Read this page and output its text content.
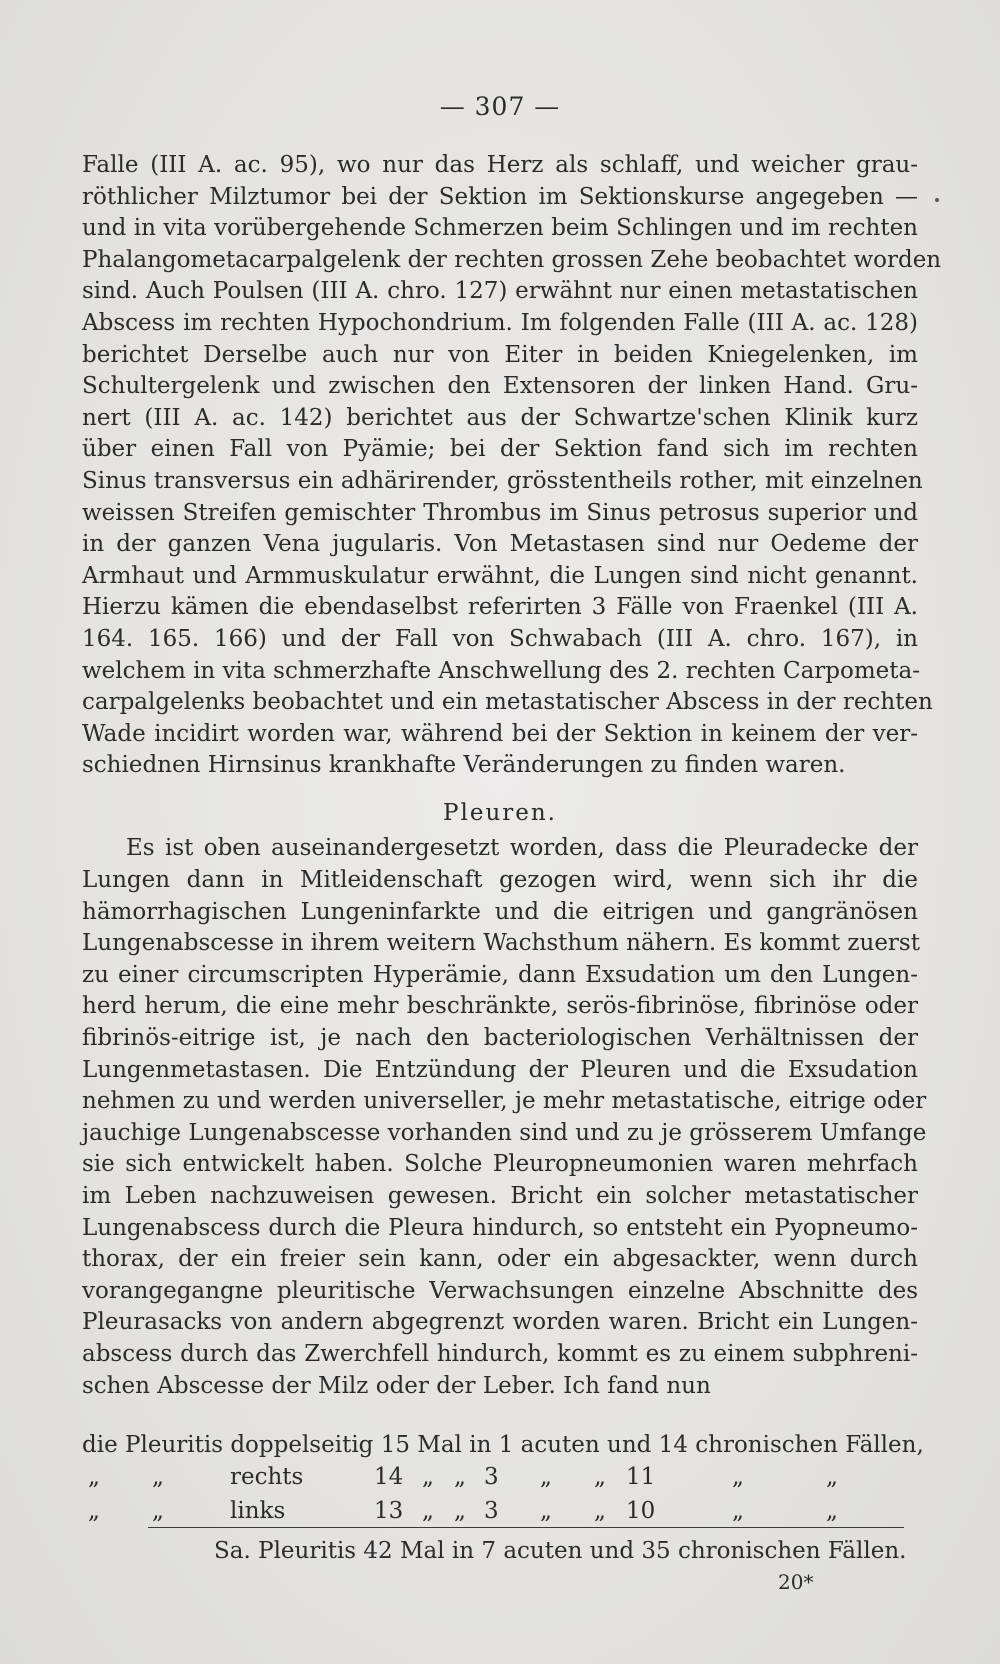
— 307 —
Falle (III A. ac. 95), wo nur das Herz als schlaff, und weicher grau-
röthlicher Milztumor bei der Sektion im Sektionskurse angegeben —
und in vita vorübergehende Schmerzen beim Schlingen und im rechten
Phalangometacarpalgelenk der rechten grossen Zehe beobachtet worden
sind. Auch Poulsen (III A. chro. 127) erwähnt nur einen metastatischen
Abscess im rechten Hypochondrium. Im folgenden Falle (III A. ac. 128)
berichtet Derselbe auch nur von Eiter in beiden Kniegelenken, im
Schultergelenk und zwischen den Extensoren der linken Hand. Gru-
nert (III A. ac. 142) berichtet aus der Schwartze'schen Klinik kurz
über einen Fall von Pyämie; bei der Sektion fand sich im rechten
Sinus transversus ein adhärirender, grösstentheils rother, mit einzelnen
weissen Streifen gemischter Thrombus im Sinus petrosus superior und
in der ganzen Vena jugularis. Von Metastasen sind nur Oedeme der
Armhaut und Armmuskulatur erwähnt, die Lungen sind nicht genannt.
Hierzu kämen die ebendaselbst referirten 3 Fälle von Fraenkel (III A.
164. 165. 166) und der Fall von Schwabach (III A. chro. 167), in
welchem in vita schmerzhafte Anschwellung des 2. rechten Carpometa-
carpalgelenks beobachtet und ein metastatischer Abscess in der rechten
Wade incidirt worden war, während bei der Sektion in keinem der ver-
schiednen Hirnsinus krankhafte Veränderungen zu finden waren.
Pleuren.
Es ist oben auseinandergesetzt worden, dass die Pleuradecke der
Lungen dann in Mitleidenschaft gezogen wird, wenn sich ihr die
hämorrhagischen Lungeninfarkte und die eitrigen und gangränösen
Lungenabscesse in ihrem weitern Wachsthum nähern. Es kommt zuerst
zu einer circumscripten Hyperämie, dann Exsudation um den Lungen-
herd herum, die eine mehr beschränkte, serös-fibrinöse, fibrinöse oder
fibrinös-eitrige ist, je nach den bacteriologischen Verhältnissen der
Lungenmetastasen. Die Entzündung der Pleuren und die Exsudation
nehmen zu und werden universeller, je mehr metastatische, eitrige oder
jauchige Lungenabscesse vorhanden sind und zu je grösserem Umfange
sie sich entwickelt haben. Solche Pleuropneumonien waren mehrfach
im Leben nachzuweisen gewesen. Bricht ein solcher metastatischer
Lungenabscess durch die Pleura hindurch, so entsteht ein Pyopneumo-
thorax, der ein freier sein kann, oder ein abgesackter, wenn durch
vorangegangne pleuritische Verwachsungen einzelne Abschnitte des
Pleurasacks von andern abgegrenzt worden waren. Bricht ein Lungen-
abscess durch das Zwerchfell hindurch, kommt es zu einem subphreni-
schen Abscesse der Milz oder der Leber. Ich fand nun
die Pleuritis doppelseitig 15 Mal in 1 acuten und 14 chronischen Fällen,
„ „	rechts	14 „ „ 3 „ „ 11	„	„
„ „	links	13 „ „ 3 „ „ 10	„	„
Sa. Pleuritis 42 Mal in 7 acuten und 35 chronischen Fällen.
20*
